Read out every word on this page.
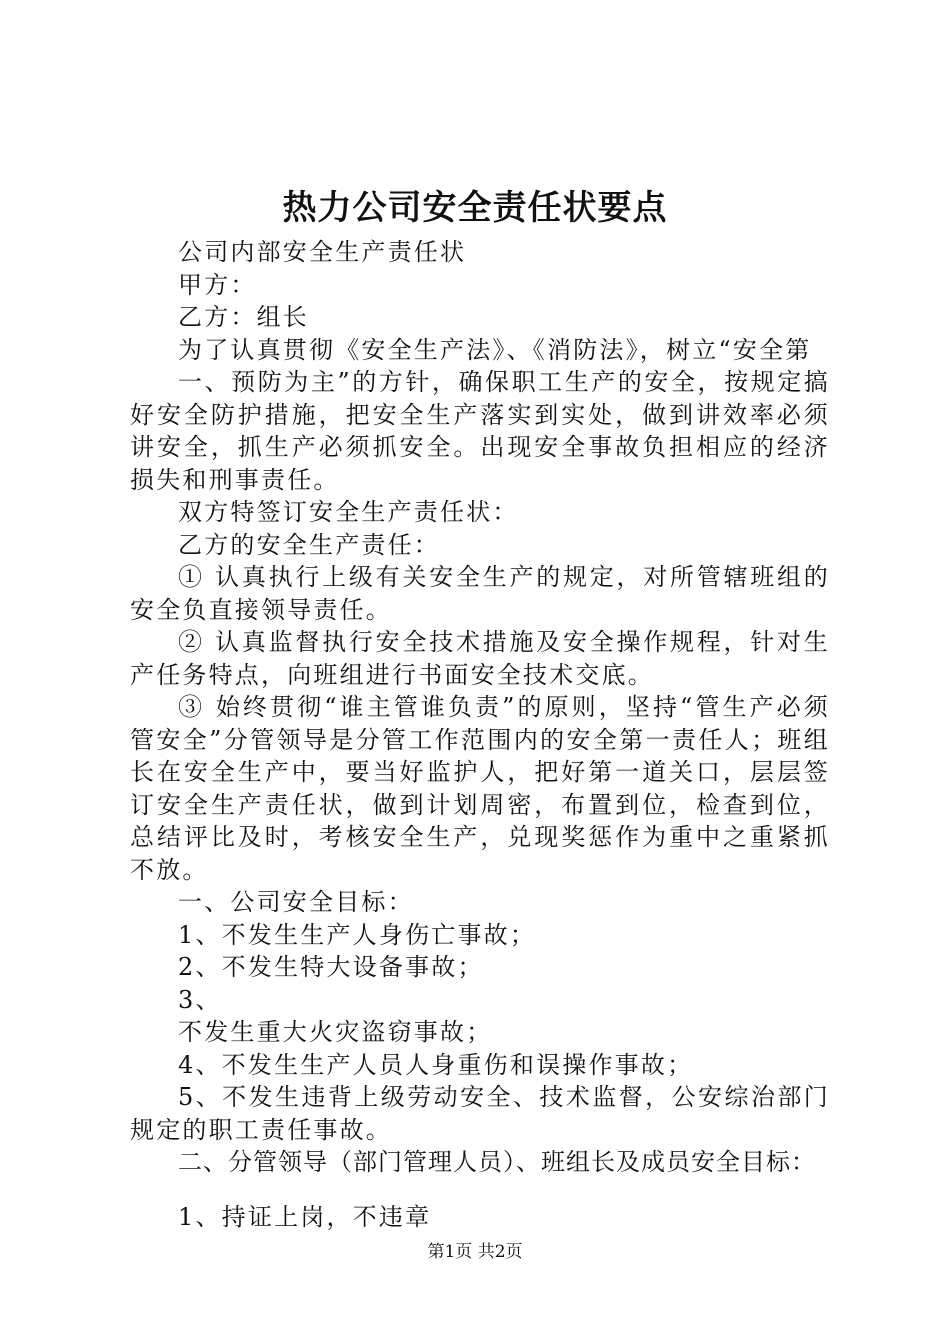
热力公司安全责任状要点

公司内部安全生产责任状

甲方：

乙方：组长

为了认真贯彻《安全生产法》、《消防法》，树立“安全第

一、预防为主”的方针，确保职工生产的安全，按规定搞好安全防护措施，把安全生产落实到实处，做到讲效率必须讲安全，抓生产必须抓安全。出现安全事故负担相应的经济损失和刑事责任。

双方特签订安全生产责任状：

乙方的安全生产责任：

① 认真执行上级有关安全生产的规定，对所管辖班组的安全负直接领导责任。

② 认真监督执行安全技术措施及安全操作规程，针对生产任务特点，向班组进行书面安全技术交底。

③ 始终贯彻“谁主管谁负责”的原则，坚持“管生产必须管安全”分管领导是分管工作范围内的安全第一责任人；班组长在安全生产中，要当好监护人，把好第一道关口，层层签订安全生产责任状，做到计划周密，布置到位，检查到位，总结评比及时，考核安全生产，兑现奖惩作为重中之重紧抓不放。

一、公司安全目标：

1、不发生生产人身伤亡事故；

2、不发生特大设备事故；

3、

不发生重大火灾盗窃事故；

4、不发生生产人员人身重伤和误操作事故；

5、不发生违背上级劳动安全、技术监督，公安综治部门规定的职工责任事故。

二、分管领导（部门管理人员）、班组长及成员安全目标：

1、持证上岗，不违章

第1页 共2页
